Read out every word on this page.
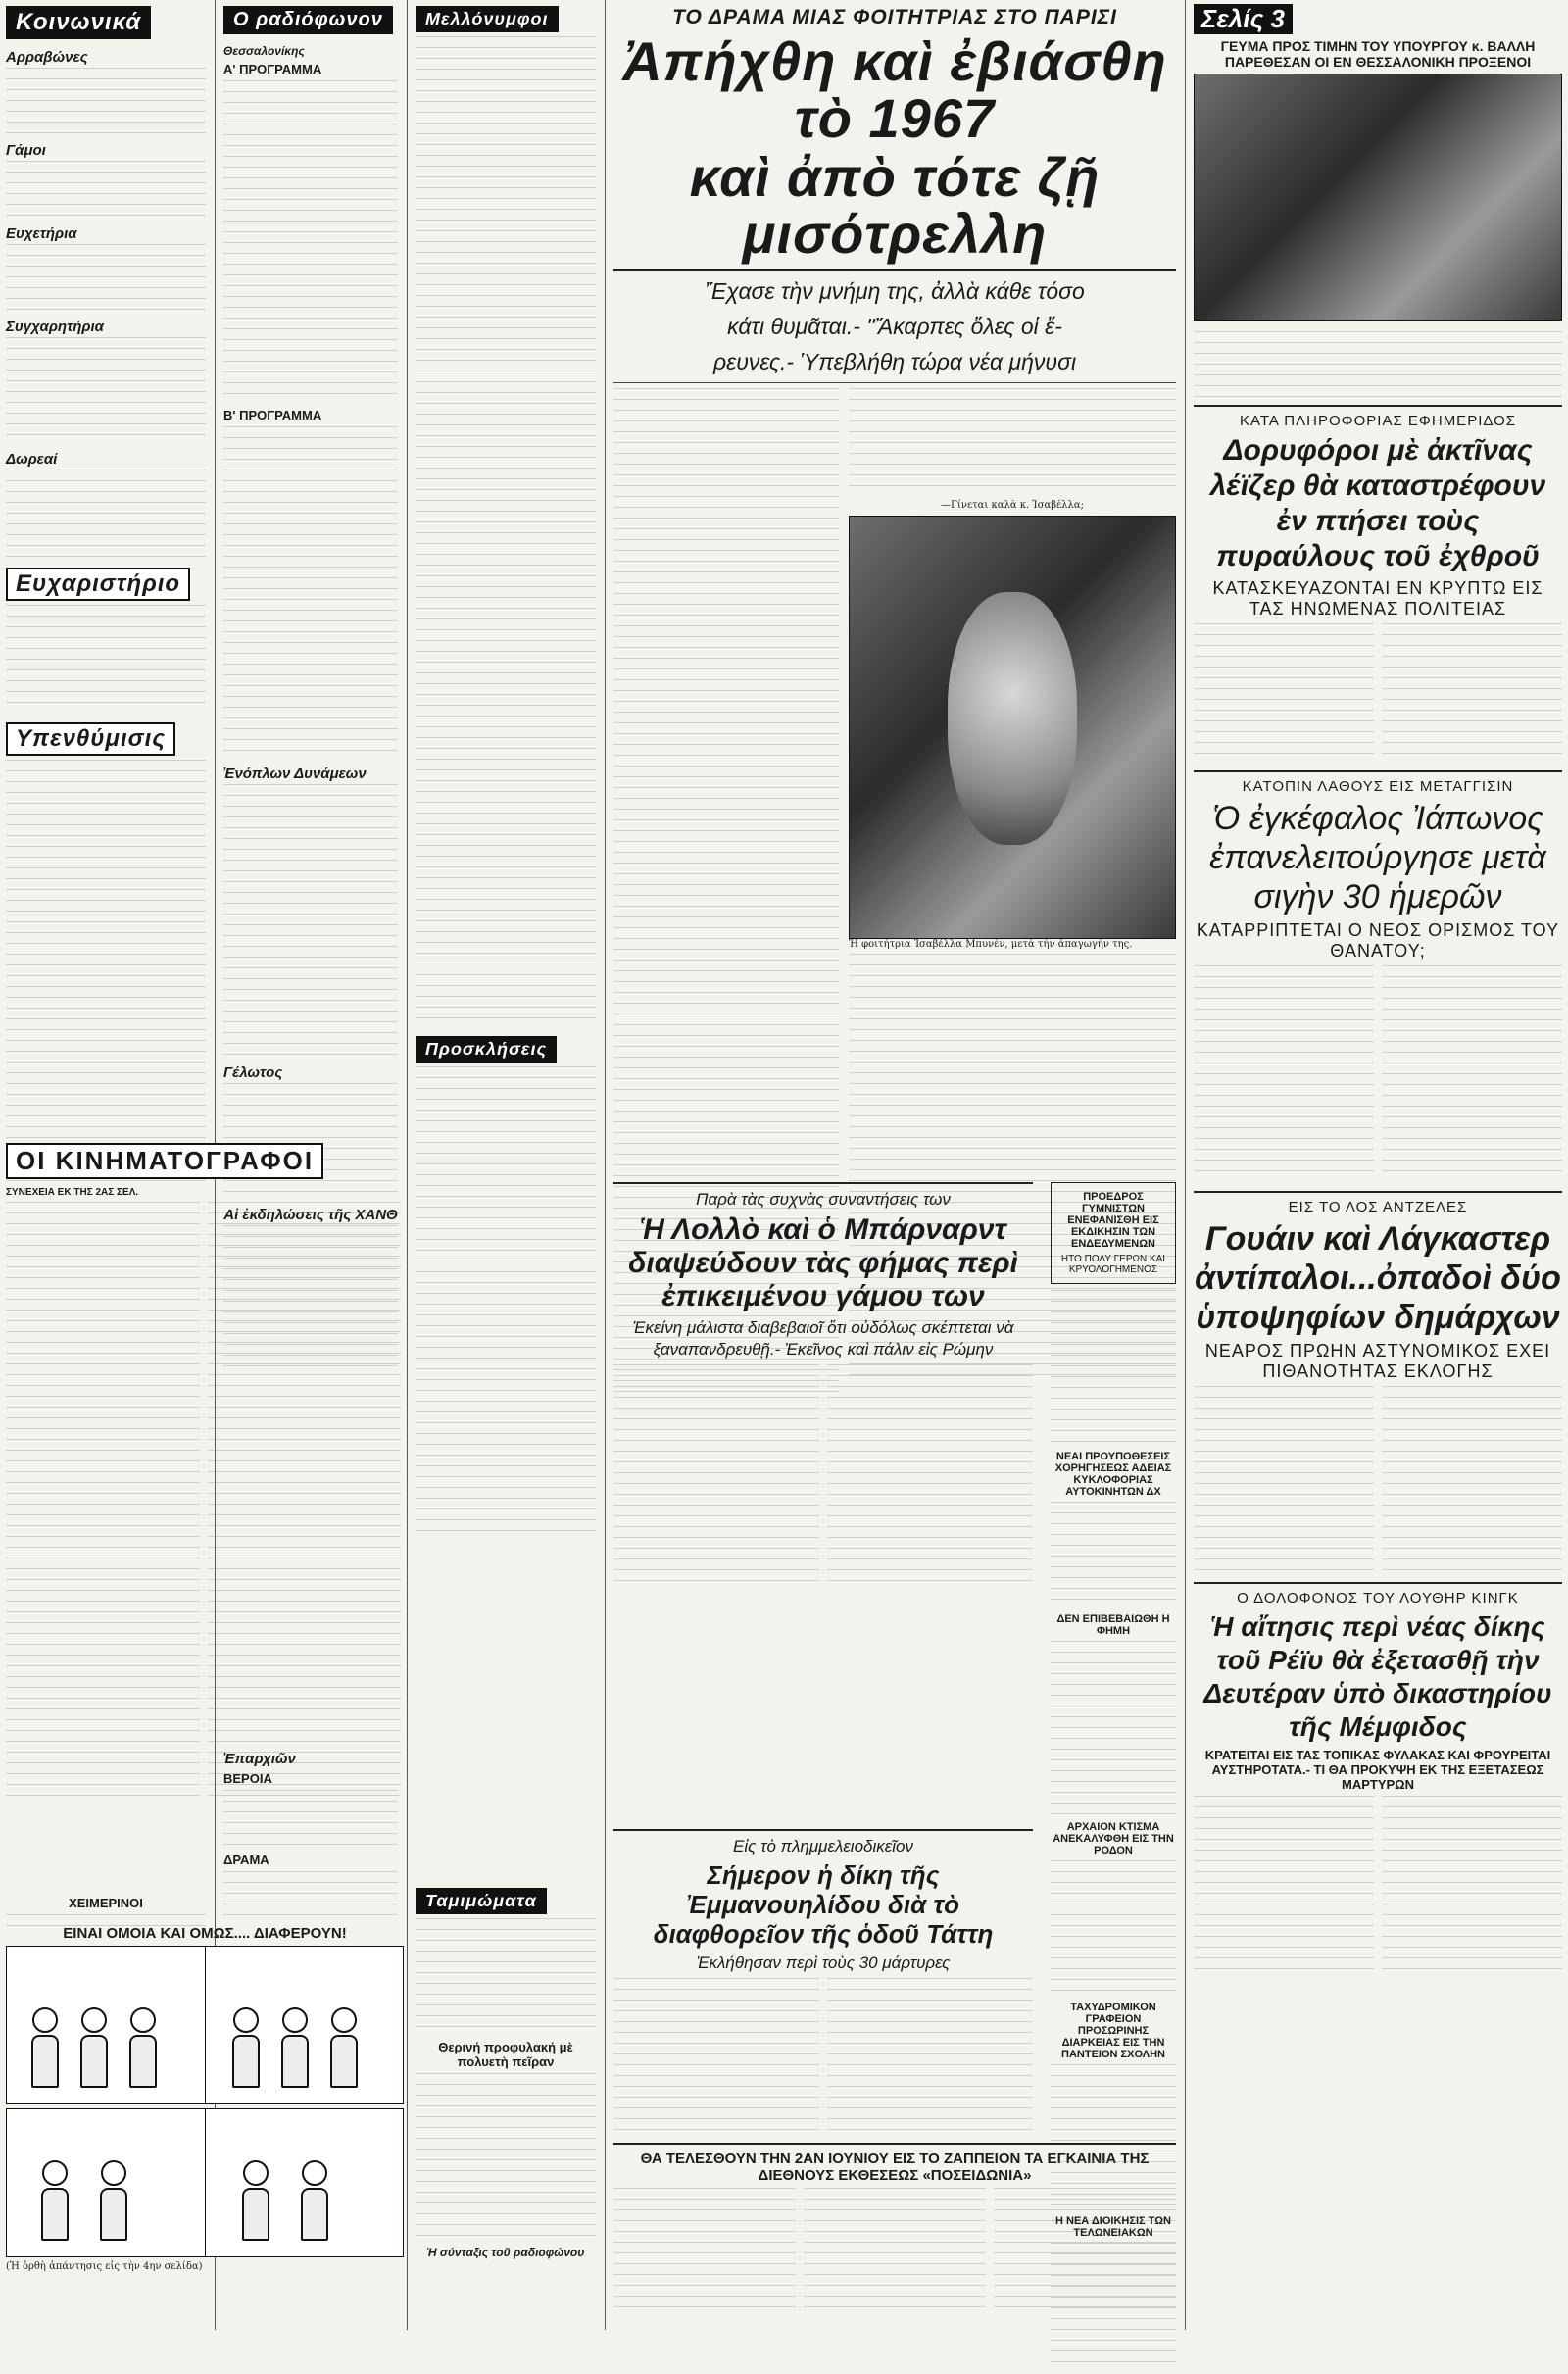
Κοινωνικά
Αρραβώνες
Γάμοι
Ευχετήρια
Συγχαρητήρια
Δωρεαί
Ευχαριστήριο
Υπενθύμισις
Ο ραδιόφωνον
Θεσσαλονίκης
Α' ΠΡΟΓΡΑΜΜΑ
Β' ΠΡΟΓΡΑΜΜΑ
Ἐνόπλων Δυνάμεων
Γέλωτος
Αἱ ἐκδηλώσεις τῆς ΧΑΝΘ
Μελλόνυμφοι
Προσκλήσεις
ΟΙ ΚΙΝΗΜΑΤΟΓΡΑΦΟΙ
ΣΥΝΕΧΕΙΑ ΕΚ ΤΗΣ 2ΑΣ ΣΕΛ.
ΧΕΙΜΕΡΙΝΟΙ
Ἐπαρχιῶν
ΒΕΡΟΙΑ
ΔΡΑΜΑ
ΕΙΝΑΙ ΟΜΟΙΑ ΚΑΙ ΟΜΩΣ.... ΔΙΑΦΕΡΟΥΝ!
(Ἡ ὀρθὴ ἀπάντησις εἰς τὴν 4ην σελίδα)
Ταμιμώματα
Θερινή προφυλακή μὲ πολυετὴ πεῖραν
Ἡ σύνταξις τοῦ ραδιοφώνου
ΤΟ ΔΡΑΜΑ ΜΙΑΣ ΦΟΙΤΗΤΡΙΑΣ ΣΤΟ ΠΑΡΙΣΙ
Ἀπήχθη καὶ ἐβιάσθη τὸ 1967
καὶ ἀπὸ τότε ζῇ μισότρελλη
Ἔχασε τὴν μνήμη της, ἀλλὰ κάθε τόσο
κάτι θυμᾶται.- "Ἄκαρπες ὅλες οἱ ἔ-
ρευνες.- Ὑπεβλήθη τώρα νέα μήνυσι
—Γίνεται καλὰ κ. Ἰσαβέλλα;
Ἡ φοιτήτρια Ἰσαβέλλα Μπυνέν, μετὰ τὴν ἀπαγωγήν της.
Παρὰ τὰς συχνὰς συναντήσεις των
Ἡ Λολλὸ καὶ ὁ Μπάρναρντ διαψεύδουν τὰς φήμας περὶ ἐπικειμένου γάμου των
Ἐκείνη μάλιστα διαβεβαιοῖ ὅτι οὐδόλως σκέπτεται νὰ ξαναπανδρευθῇ.- Ἐκεῖνος καὶ πάλιν εἰς Ρώμην
Εἰς τὸ πλημμελειοδικεῖον
Σήμερον ἡ δίκη τῆς Ἐμμανουηλίδου διὰ τὸ διαφθορεῖον τῆς ὁδοῦ Τάττη
Ἐκλήθησαν περὶ τοὺς 30 μάρτυρες
ΘΑ ΤΕΛΕΣΘΟΥΝ ΤΗΝ 2ΑΝ ΙΟΥΝΙΟΥ ΕΙΣ ΤΟ ΖΑΠΠΕΙΟΝ ΤΑ ΕΓΚΑΙΝΙΑ ΤΗΣ ΔΙΕΘΝΟΥΣ ΕΚΘΕΣΕΩΣ «ΠΟΣΕΙΔΩΝΙΑ»
ΠΡΟΕΔΡΟΣ ΓΥΜΝΙΣΤΩΝ ΕΝΕΦΑΝΙΣΘΗ ΕΙΣ ΕΚΔΙΚΗΣΙΝ ΤΩΝ ΕΝΔΕΔΥΜΕΝΩΝ
ΗΤΟ ΠΟΛΥ ΓΕΡΩΝ ΚΑΙ ΚΡΥΟΛΟΓΗΜΕΝΟΣ
ΝΕΑΙ ΠΡΟΥΠΟΘΕΣΕΙΣ ΧΟΡΗΓΗΣΕΩΣ ΑΔΕΙΑΣ ΚΥΚΛΟΦΟΡΙΑΣ ΑΥΤΟΚΙΝΗΤΩΝ ΔΧ
ΔΕΝ ΕΠΙΒΕΒΑΙΩΘΗ Η ΦΗΜΗ
ΑΡΧΑΙΟΝ ΚΤΙΣΜΑ ΑΝΕΚΑΛΥΦΘΗ ΕΙΣ ΤΗΝ ΡΟΔΟΝ
ΤΑΧΥΔΡΟΜΙΚΟΝ ΓΡΑΦΕΙΟΝ ΠΡΟΣΩΡΙΝΗΣ ΔΙΑΡΚΕΙΑΣ ΕΙΣ ΤΗΝ ΠΑΝΤΕΙΟΝ ΣΧΟΛΗΝ
Η ΝΕΑ ΔΙΟΙΚΗΣΙΣ ΤΩΝ ΤΕΛΩΝΕΙΑΚΩΝ
Σελίς 3
ΓΕΥΜΑ ΠΡΟΣ ΤΙΜΗΝ ΤΟΥ ΥΠΟΥΡΓΟΥ κ. ΒΑΛΛΗ ΠΑΡΕΘΕΣΑΝ ΟΙ ΕΝ ΘΕΣΣΑΛΟΝΙΚΗ ΠΡΟΞΕΝΟΙ
ΚΑΤΑ ΠΛΗΡΟΦΟΡΙΑΣ ΕΦΗΜΕΡΙΔΟΣ
Δορυφόροι μὲ ἀκτῖνας λέϊζερ θὰ καταστρέφουν ἐν πτήσει τοὺς πυραύλους τοῦ ἐχθροῦ
ΚΑΤΑΣΚΕΥΑΖΟΝΤΑΙ ΕΝ ΚΡΥΠΤΩ ΕΙΣ ΤΑΣ ΗΝΩΜΕΝΑΣ ΠΟΛΙΤΕΙΑΣ
ΚΑΤΟΠΙΝ ΛΑΘΟΥΣ ΕΙΣ ΜΕΤΑΓΓΙΣΙΝ
Ὁ ἐγκέφαλος Ἰάπωνος ἐπανελειτούργησε μετὰ σιγὴν 30 ἡμερῶν
ΚΑΤΑΡΡΙΠΤΕΤΑΙ Ο ΝΕΟΣ ΟΡΙΣΜΟΣ ΤΟΥ ΘΑΝΑΤΟΥ;
ΕΙΣ ΤΟ ΛΟΣ ΑΝΤΖΕΛΕΣ
Γουάιν καὶ Λάγκαστερ ἀντίπαλοι...ὀπαδοὶ δύο ὑποψηφίων δημάρχων
ΝΕΑΡΟΣ ΠΡΩΗΝ ΑΣΤΥΝΟΜΙΚΟΣ ΕΧΕΙ ΠΙΘΑΝΟΤΗΤΑΣ ΕΚΛΟΓΗΣ
Ο ΔΟΛΟΦΟΝΟΣ ΤΟΥ ΛΟΥΘΗΡ ΚΙΝΓΚ
Ἡ αἴτησις περὶ νέας δίκης τοῦ Ρέϊυ θὰ ἐξετασθῇ τὴν Δευτέραν ὑπὸ δικαστηρίου τῆς Μέμφιδος
ΚΡΑΤΕΙΤΑΙ ΕΙΣ ΤΑΣ ΤΟΠΙΚΑΣ ΦΥΛΑΚΑΣ ΚΑΙ ΦΡΟΥΡΕΙΤΑΙ ΑΥΣΤΗΡΟΤΑΤΑ.- ΤΙ ΘΑ ΠΡΟΚΥΨΗ ΕΚ ΤΗΣ ΕΞΕΤΑΣΕΩΣ ΜΑΡΤΥΡΩΝ
